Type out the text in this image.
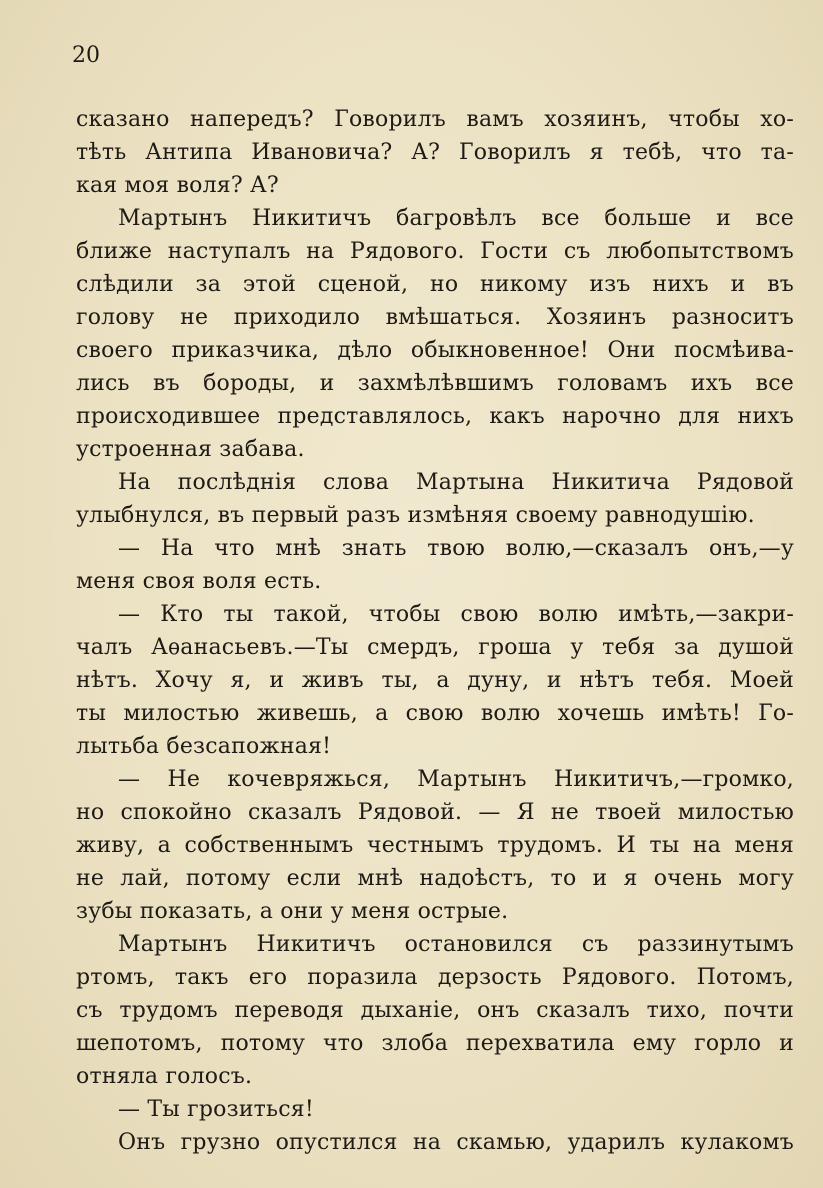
20

сказано напередъ? Говорилъ вамъ хозяинъ, чтобы хо-

тѣть Антипа Ивановича? А? Говорилъ я тебѣ, что та-

кая моя воля? А?

Мартынъ Никитичъ багровѣлъ все больше и все

ближе наступалъ на Рядового. Гости съ любопытствомъ

слѣдили за этой сценой, но никому изъ нихъ и въ

голову не приходило вмѣшаться. Хозяинъ разноситъ

своего приказчика, дѣло обыкновенное! Они посмѣива-

лись въ бороды, и захмѣлѣвшимъ головамъ ихъ все

происходившее представлялось, какъ нарочно для нихъ

устроенная забава.

На послѣднія слова Мартына Никитича Рядовой

улыбнулся, въ первый разъ измѣняя своему равнодушію.

— На что мнѣ знать твою волю,—сказалъ онъ,—у

меня своя воля есть.

— Кто ты такой, чтобы свою волю имѣть,—закри-

чалъ Аѳанасьевъ.—Ты смердъ, гроша у тебя за душой

нѣтъ. Хочу я, и живъ ты, а дуну, и нѣтъ тебя. Моей

ты милостью живешь, а свою волю хочешь имѣть! Го-

лытьба безсапожная!

— Не кочевряжься, Мартынъ Никитичъ,—громко,

но спокойно сказалъ Рядовой. — Я не твоей милостью

живу, а собственнымъ честнымъ трудомъ. И ты на меня

не лай, потому если мнѣ надоѣстъ, то и я очень могу

зубы показать, а они у меня острые.

Мартынъ Никитичъ остановился съ раззинутымъ

ртомъ, такъ его поразила дерзость Рядового. Потомъ,

съ трудомъ переводя дыханіе, онъ сказалъ тихо, почти

шепотомъ, потому что злоба перехватила ему горло и

отняла голосъ.

— Ты грозиться!

Онъ грузно опустился на скамью, ударилъ кулакомъ
